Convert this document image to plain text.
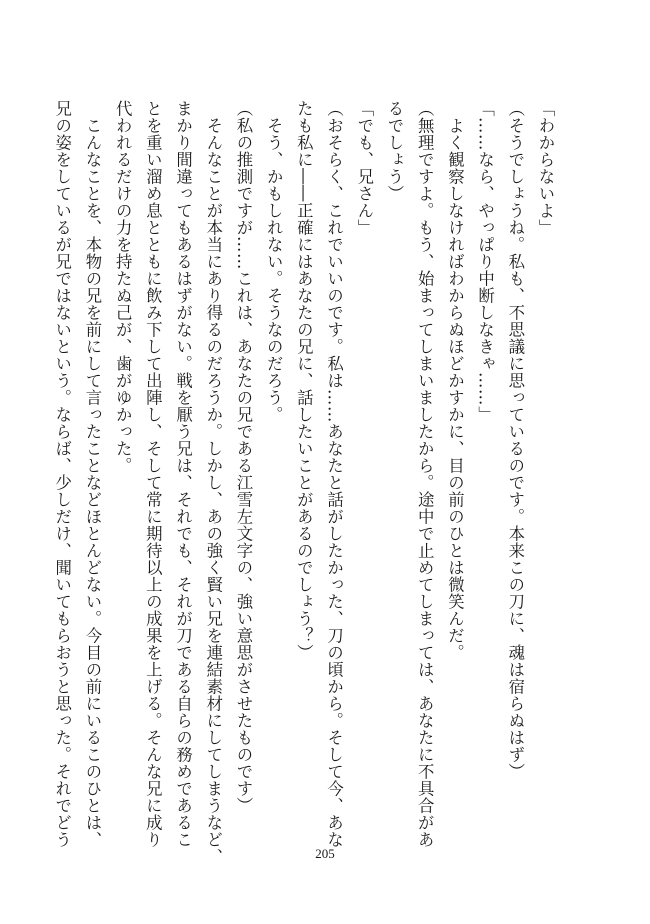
「わからないよ」
（そうでしょうね。私も、不思議に思っているのです。本来この刀に、魂は宿らぬはず）
「……なら、やっぱり中断しなきゃ……」
　よく観察しなければわからぬほどかすかに、目の前のひとは微笑んだ。
（無理ですよ。もう、始まってしまいましたから。途中で止めてしまっては、あなたに不具合があ
るでしょう）
「でも、兄さん」
（おそらく、これでいいのです。私は……あなたと話がしたかった、刀の頃から。そして今、あな
たも私に――正確にはあなたの兄に、話したいことがあるのでしょう？）
　そう、かもしれない。そうなのだろう。
（私の推測ですが……これは、あなたの兄である江雪左文字の、強い意思がさせたものです）
　そんなことが本当にあり得るのだろうか。しかし、あの強く賢い兄を連結素材にしてしまうなど、
まかり間違ってもあるはずがない。戦を厭う兄は、それでも、それが刀である自らの務めであるこ
とを重い溜め息とともに飲み下して出陣し、そして常に期待以上の成果を上げる。そんな兄に成り
代われるだけの力を持たぬ己が、歯がゆかった。
　こんなことを、本物の兄を前にして言ったことなどほとんどない。今目の前にいるこのひとは、
兄の姿をしているが兄ではないという。ならば、少しだけ、聞いてもらおうと思った。それでどう
205
